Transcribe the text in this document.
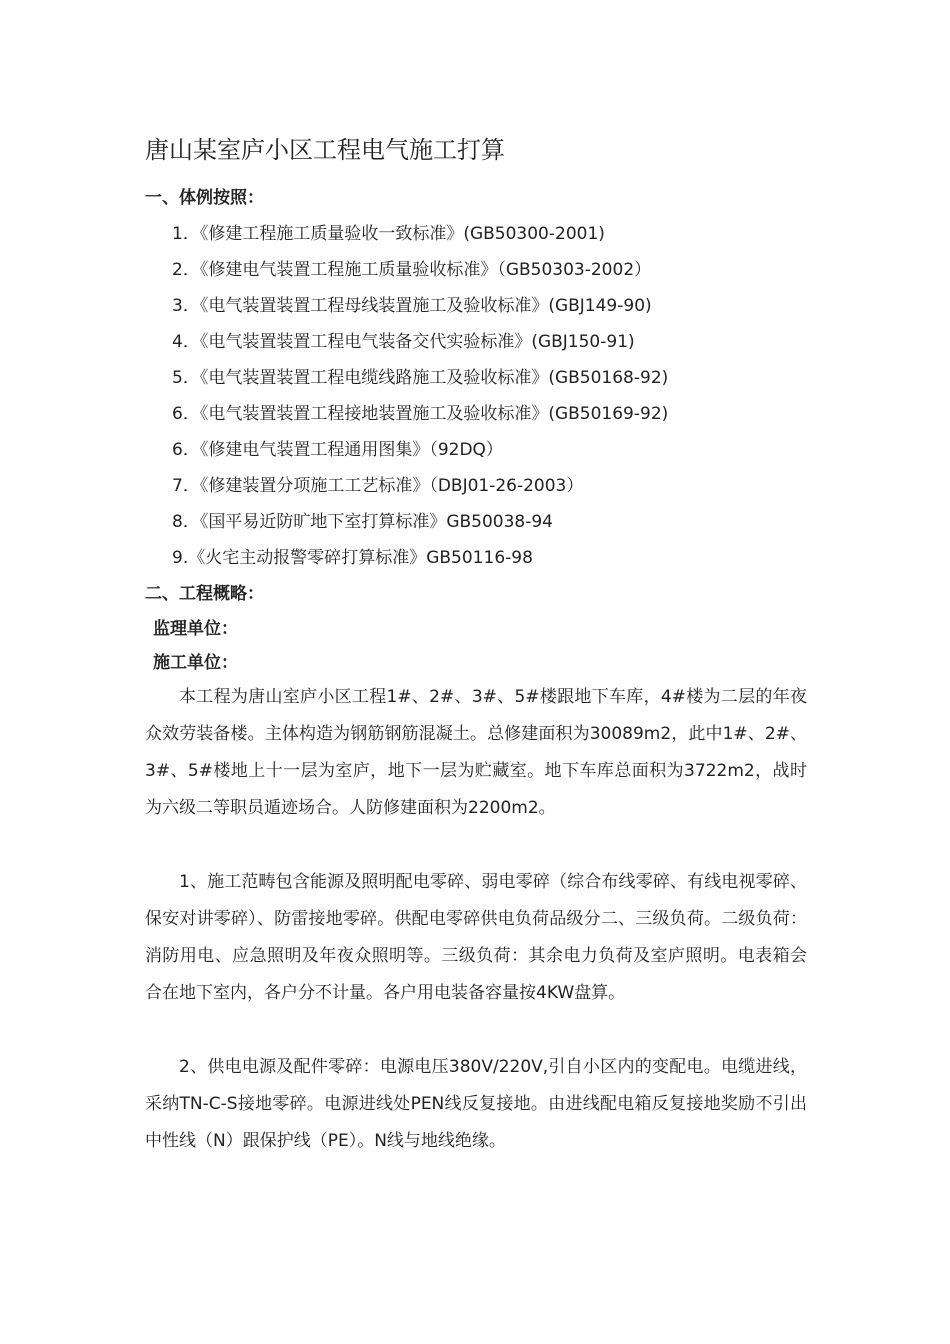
唐山某室庐小区工程电气施工打算
一、体例按照：
1．《修建工程施工质量验收一致标准》(GB50300-2001)
2．《修建电气装置工程施工质量验收标准》（GB50303-2002）
3．《电气装置装置工程母线装置施工及验收标准》(GBJ149-90)
4．《电气装置装置工程电气装备交代实验标准》(GBJ150-91)
5．《电气装置装置工程电缆线路施工及验收标准》(GB50168-92)
6．《电气装置装置工程接地装置施工及验收标准》(GB50169-92)
6．《修建电气装置工程通用图集》（92DQ）
7．《修建装置分项施工工艺标准》（DBJ01-26-2003）
8．《国平易近防旷地下室打算标准》GB50038-94
9.《火宅主动报警零碎打算标准》GB50116-98
二、工程概略：
监理单位：
施工单位：

本工程为唐山室庐小区工程1#、2#、3#、5#楼跟地下车库，4#楼为二层的年夜众效劳装备楼。主体构造为钢筋钢筋混凝土。总修建面积为30089m2，此中1#、2#、3#、5#楼地上十一层为室庐，地下一层为贮藏室。地下车库总面积为3722m2，战时为六级二等职员遁迹场合。人防修建面积为2200m2。

1、施工范畴包含能源及照明配电零碎、弱电零碎（综合布线零碎、有线电视零碎、保安对讲零碎）、防雷接地零碎。供配电零碎供电负荷品级分二、三级负荷。二级负荷：消防用电、应急照明及年夜众照明等。三级负荷：其余电力负荷及室庐照明。电表箱会合在地下室内，各户分不计量。各户用电装备容量按4KW盘算。

2、供电电源及配件零碎：电源电压380V/220V,引自小区内的变配电。电缆进线，采纳TN-C-S接地零碎。电源进线处PEN线反复接地。由进线配电箱反复接地奖励不引出中性线（N）跟保护线（PE）。N线与地线绝缘。
